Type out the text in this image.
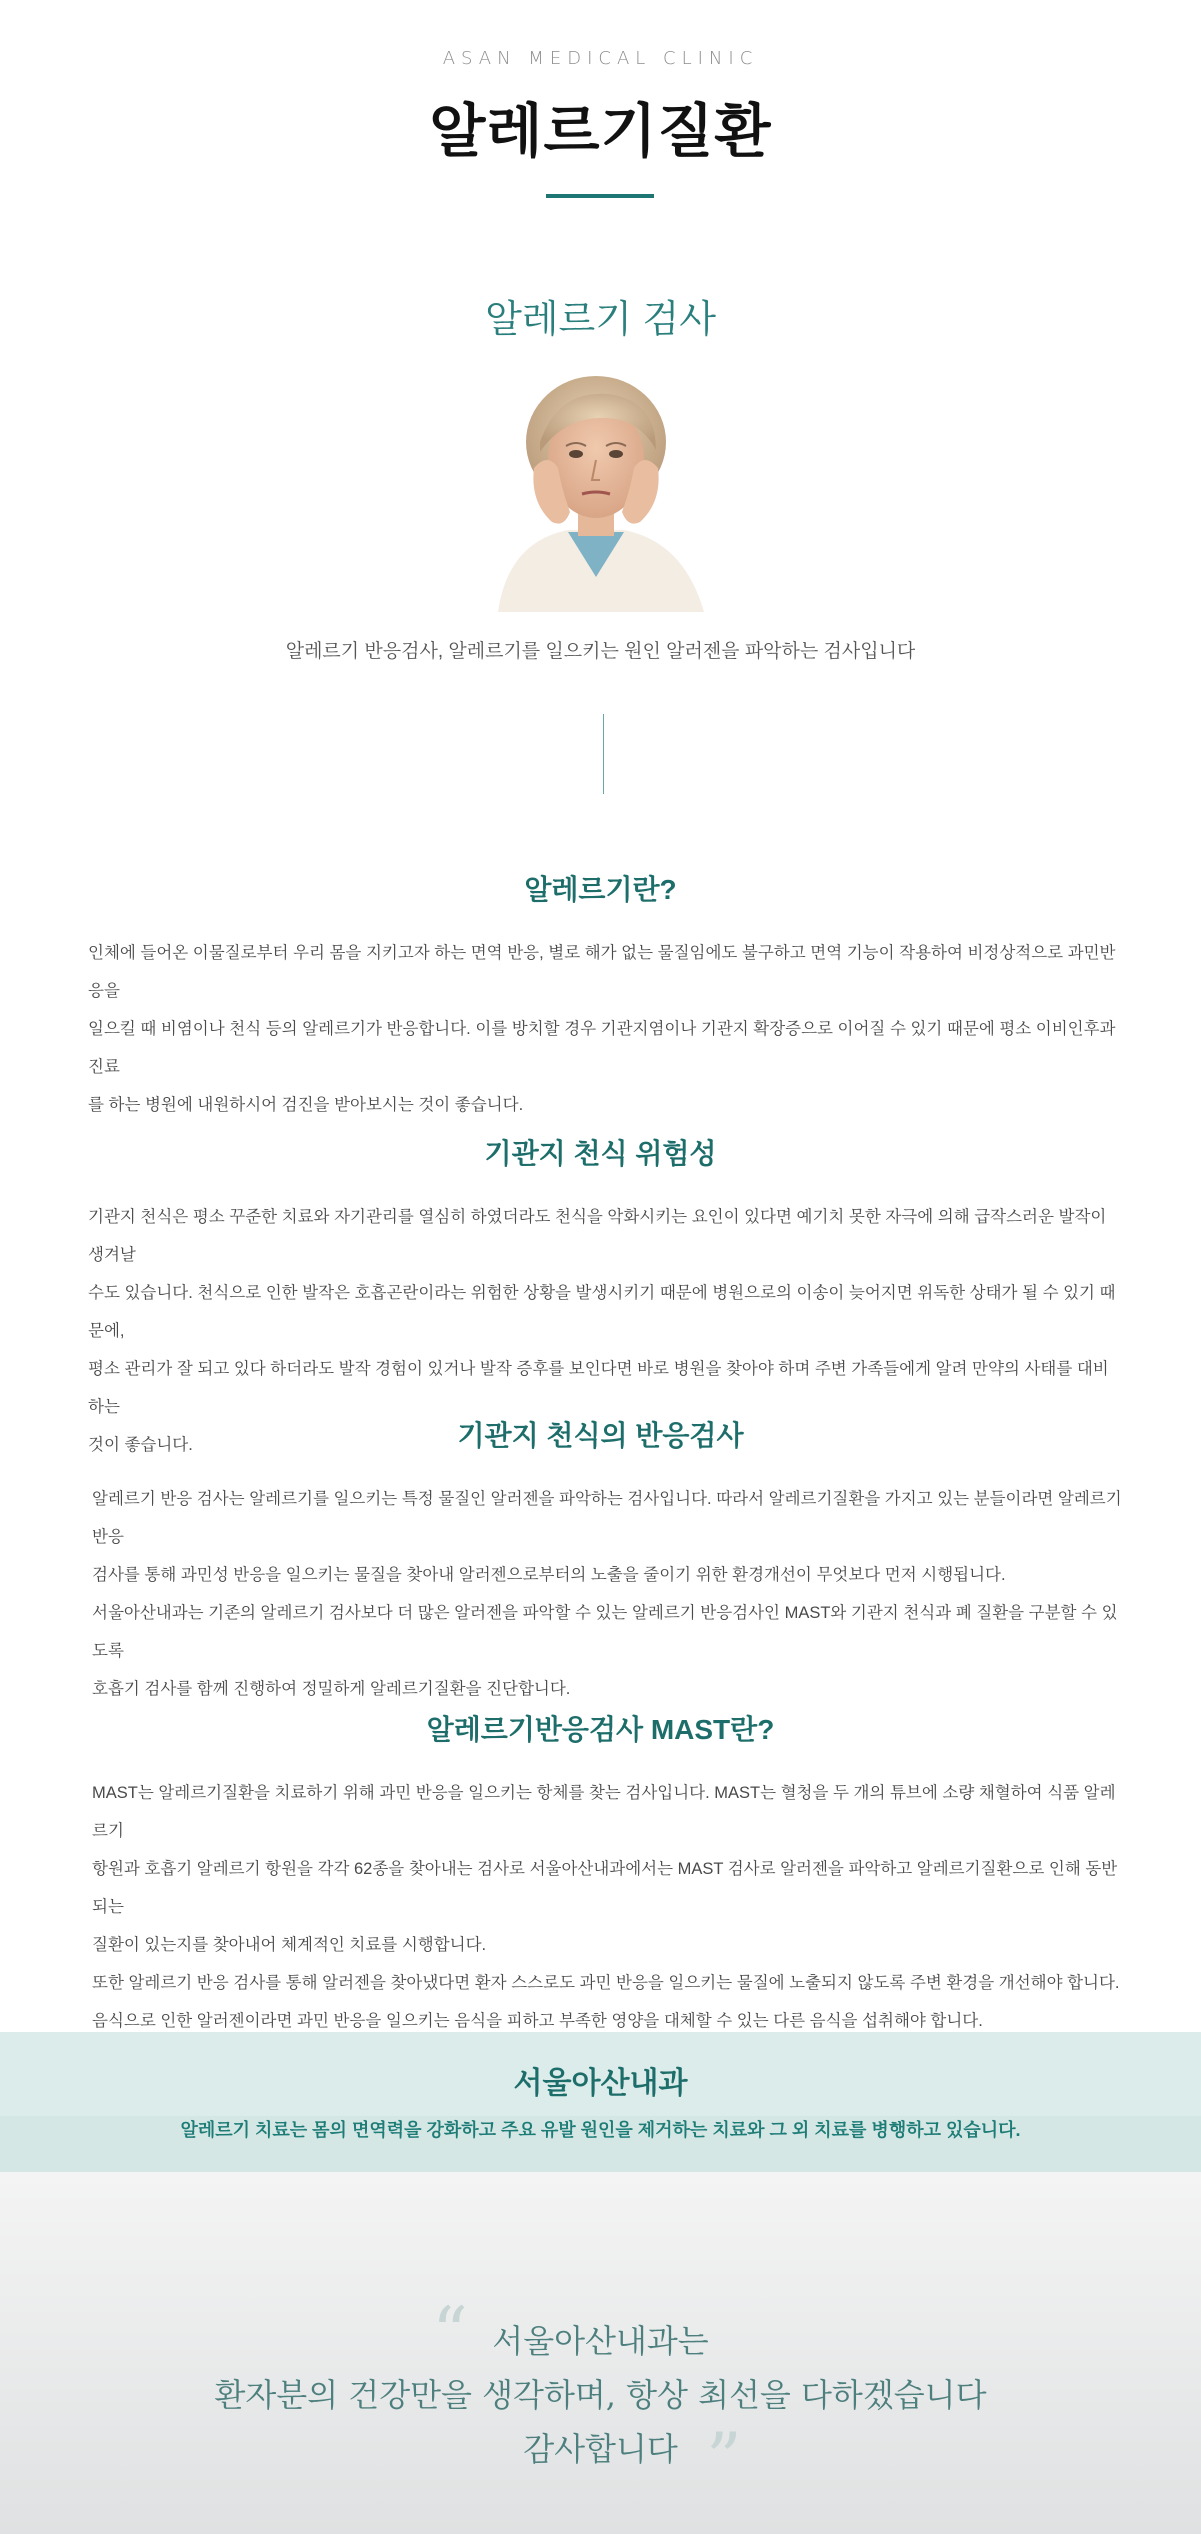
ASAN MEDICAL CLINIC
알레르기질환
알레르기 검사
알레르기 반응검사, 알레르기를 일으키는 원인 알러젠을 파악하는 검사입니다
알레르기란?
인체에 들어온 이물질로부터 우리 몸을 지키고자 하는 면역 반응, 별로 해가 없는 물질임에도 불구하고 면역 기능이 작용하여 비정상적으로 과민반응을
일으킬 때 비염이나 천식 등의 알레르기가 반응합니다. 이를 방치할 경우 기관지염이나 기관지 확장증으로 이어질 수 있기 때문에 평소 이비인후과 진료
를 하는 병원에 내원하시어 검진을 받아보시는 것이 좋습니다.
기관지 천식 위험성
기관지 천식은 평소 꾸준한 치료와 자기관리를 열심히 하였더라도 천식을 악화시키는 요인이 있다면 예기치 못한 자극에 의해 급작스러운 발작이 생겨날
수도 있습니다. 천식으로 인한 발작은 호흡곤란이라는 위험한 상황을 발생시키기 때문에 병원으로의 이송이 늦어지면 위독한 상태가 될 수 있기 때문에,
평소 관리가 잘 되고 있다 하더라도 발작 경험이 있거나 발작 증후를 보인다면 바로 병원을 찾아야 하며 주변 가족들에게 알려 만약의 사태를 대비하는
것이 좋습니다.	기관지 천식의 반응검사
알레르기 반응 검사는 알레르기를 일으키는 특정 물질인 알러젠을 파악하는 검사입니다. 따라서 알레르기질환을 가지고 있는 분들이라면 알레르기 반응
검사를 통해 과민성 반응을 일으키는 물질을 찾아내 알러젠으로부터의 노출을 줄이기 위한 환경개선이 무엇보다 먼저 시행됩니다.
서울아산내과는 기존의 알레르기 검사보다 더 많은 알러젠을 파악할 수 있는 알레르기 반응검사인 MAST와 기관지 천식과 폐 질환을 구분할 수 있도록
호흡기 검사를 함께 진행하여 정밀하게 알레르기질환을 진단합니다.
알레르기반응검사 MAST란?
MAST는 알레르기질환을 치료하기 위해 과민 반응을 일으키는 항체를 찾는 검사입니다. MAST는 혈청을 두 개의 튜브에 소량 채혈하여 식품 알레르기
항원과 호흡기 알레르기 항원을 각각 62종을 찾아내는 검사로 서울아산내과에서는 MAST 검사로 알러젠을 파악하고 알레르기질환으로 인해 동반되는
질환이 있는지를 찾아내어 체계적인 치료를 시행합니다.
또한 알레르기 반응 검사를 통해 알러젠을 찾아냈다면 환자 스스로도 과민 반응을 일으키는 물질에 노출되지 않도록 주변 환경을 개선해야 합니다.
음식으로 인한 알러젠이라면 과민 반응을 일으키는 음식을 피하고 부족한 영양을 대체할 수 있는 다른 음식을 섭취해야 합니다.
서울아산내과
알레르기 치료는 몸의 면역력을 강화하고 주요 유발 원인을 제거하는 치료와 그 외 치료를 병행하고 있습니다.
“ 서울아산내과는
환자분의 건강만을 생각하며, 항상 최선을 다하겠습니다
감사합니다 ”
